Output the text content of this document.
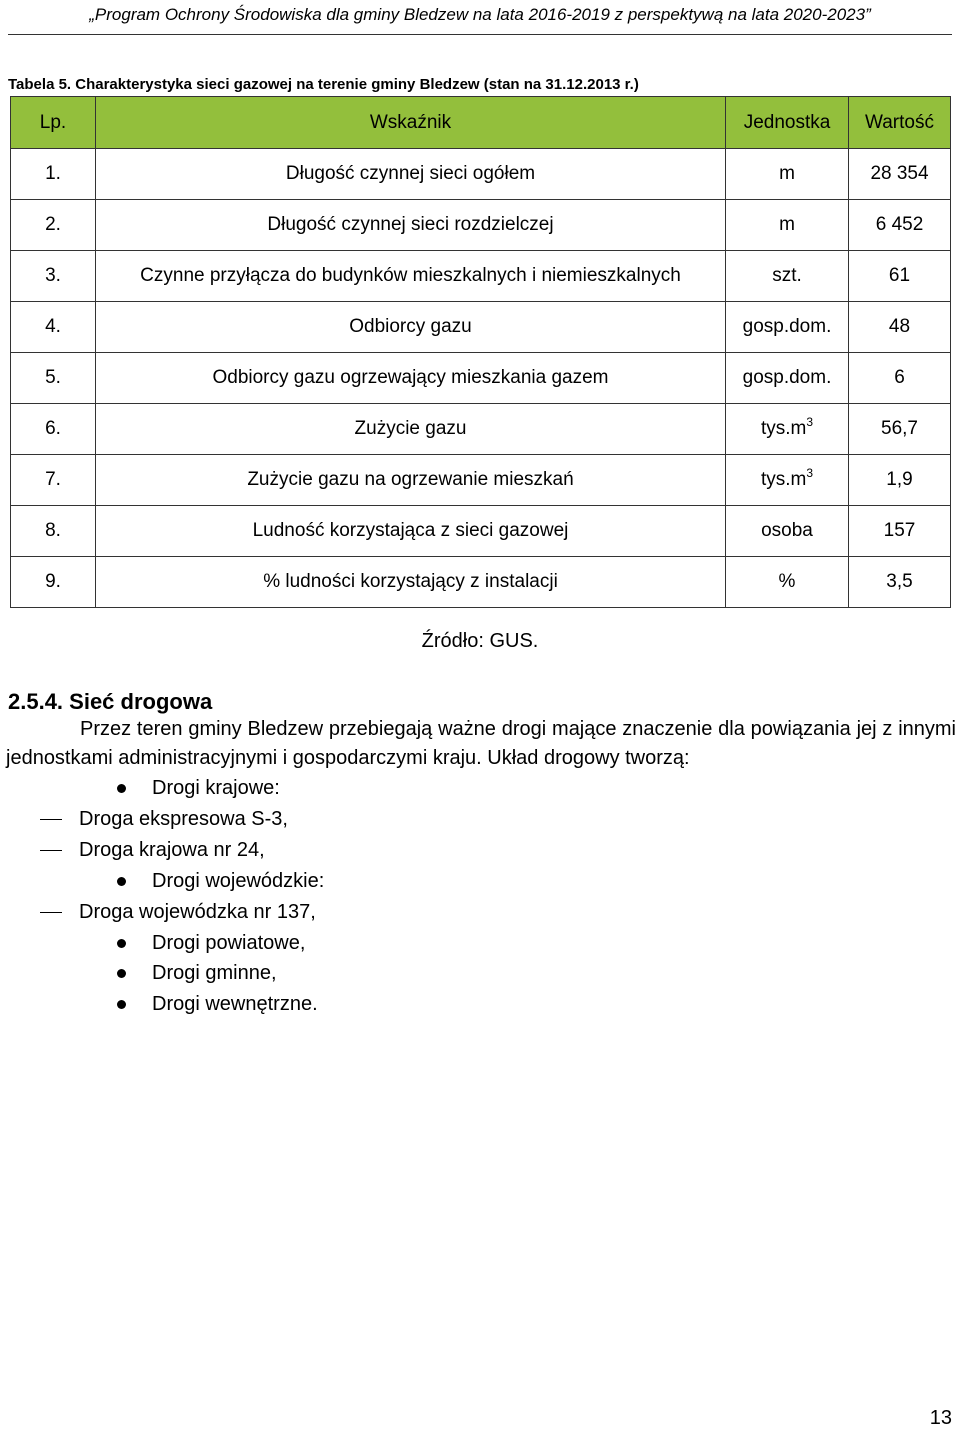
„Program Ochrony Środowiska dla gminy Bledzew na lata 2016-2019 z perspektywą na lata 2020-2023”
Tabela 5. Charakterystyka sieci gazowej na terenie gminy Bledzew (stan na 31.12.2013 r.)
Lp.	Wskaźnik	Jednostka	Wartość
1.	Długość czynnej sieci ogółem	m	28 354
2.	Długość czynnej sieci rozdzielczej	m	6 452
3.	Czynne przyłącza do budynków mieszkalnych i niemieszkalnych	szt.	61
4.	Odbiorcy gazu	gosp.dom.	48
5.	Odbiorcy gazu ogrzewający mieszkania gazem	gosp.dom.	6
6.	Zużycie gazu	$tys.m^3$	56,7
7.	Zużycie gazu na ogrzewanie mieszkań	$tys.m^3$	1,9
8.	Ludność korzystająca z sieci gazowej	osoba	157
9.	% ludności korzystający z instalacji	%	3,5
Źródło: GUS.
2.5.4. Sieć drogowa
Przez teren gminy Bledzew przebiegają ważne drogi mające znaczenie dla powiązania jej z innymi jednostkami administracyjnymi i gospodarczymi kraju. Układ drogowy tworzą:
Drogi krajowe:
Droga ekspresowa S-3,
Droga krajowa nr 24,
Drogi wojewódzkie:
Droga wojewódzka nr 137,
Drogi powiatowe,
Drogi gminne,
Drogi wewnętrzne.
13
